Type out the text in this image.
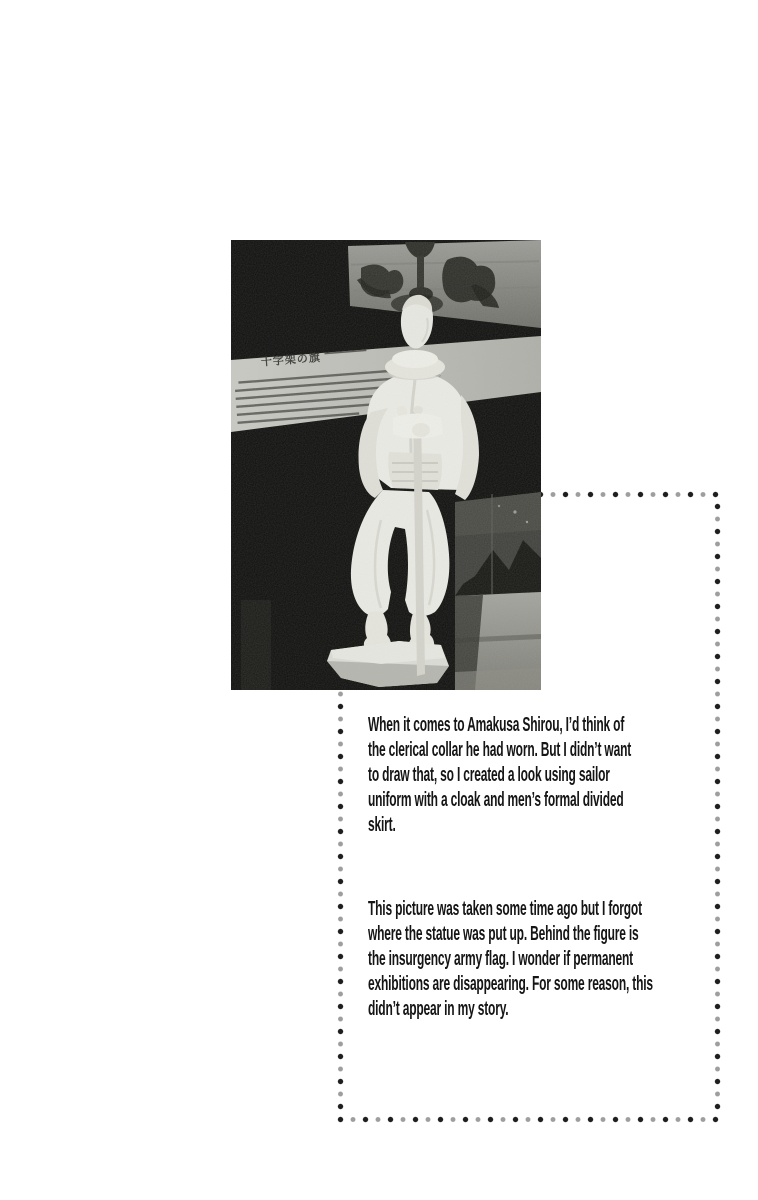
When it comes to Amakusa Shirou, I’d think of
the clerical collar he had worn. But I didn’t want
to draw that, so I created a look using sailor
uniform with a cloak and men’s formal divided
skirt.
This picture was taken some time ago but I forgot
where the statue was put up. Behind the figure is
the insurgency army flag. I wonder if permanent
exhibitions are disappearing. For some reason, this
didn’t appear in my story.
